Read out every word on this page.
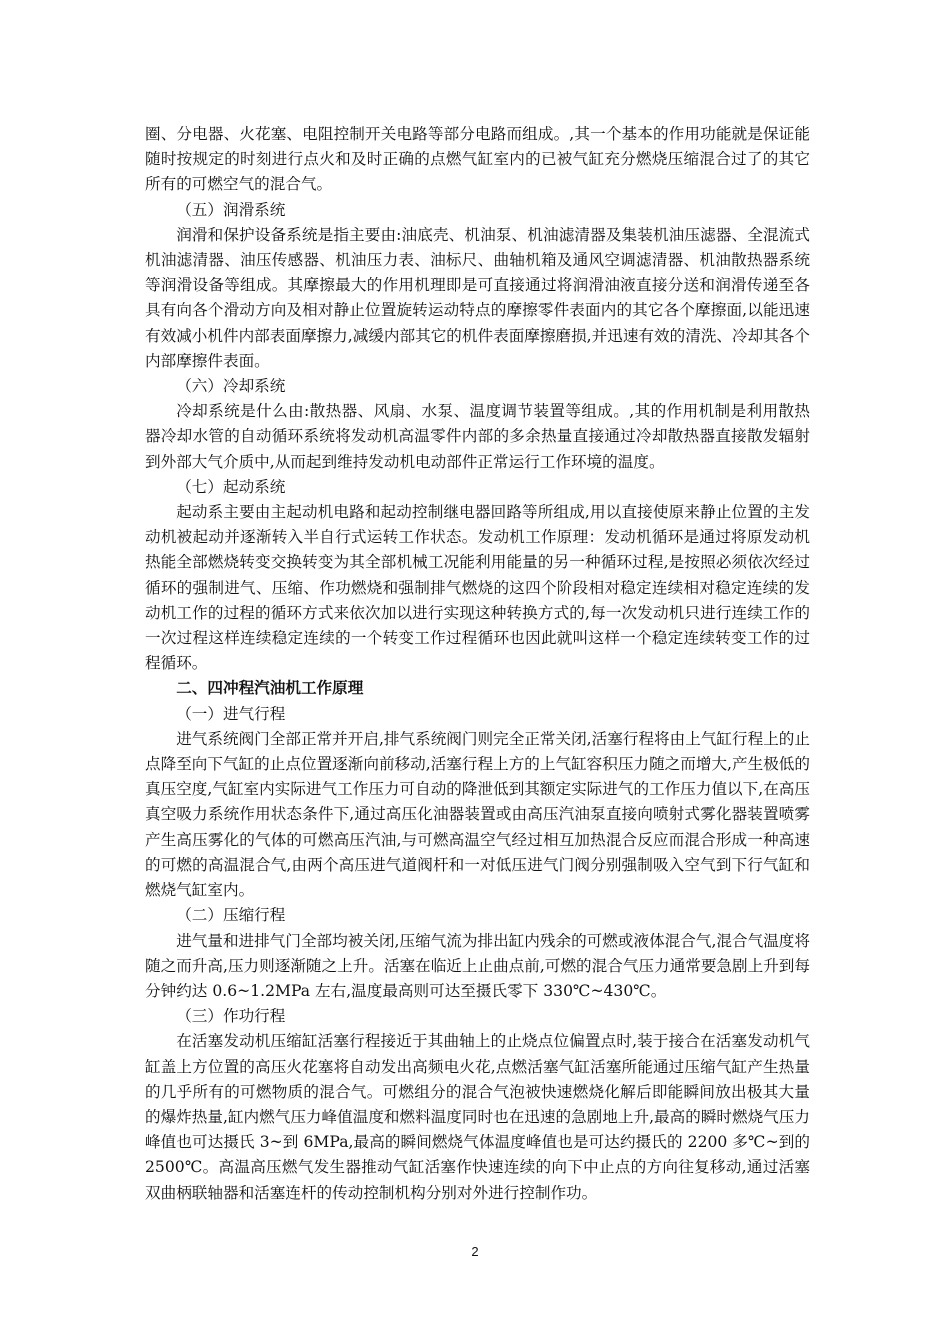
圈、分电器、火花塞、电阻控制开关电路等部分电路而组成。,其一个基本的作用功能就是保证能随时按规定的时刻进行点火和及时正确的点燃气缸室内的已被气缸充分燃烧压缩混合过了的其它所有的可燃空气的混合气。

（五）润滑系统

润滑和保护设备系统是指主要由:油底壳、机油泵、机油滤清器及集装机油压滤器、全混流式机油滤清器、油压传感器、机油压力表、油标尺、曲轴机箱及通风空调滤清器、机油散热器系统等润滑设备等组成。其摩擦最大的作用机理即是可直接通过将润滑油液直接分送和润滑传递至各具有向各个滑动方向及相对静止位置旋转运动特点的摩擦零件表面内的其它各个摩擦面,以能迅速有效减小机件内部表面摩擦力,减缓内部其它的机件表面摩擦磨损,并迅速有效的清洗、冷却其各个内部摩擦件表面。

（六）冷却系统

冷却系统是什么由:散热器、风扇、水泵、温度调节装置等组成。,其的作用机制是利用散热器冷却水管的自动循环系统将发动机高温零件内部的多余热量直接通过冷却散热器直接散发辐射到外部大气介质中,从而起到维持发动机电动部件正常运行工作环境的温度。

（七）起动系统

起动系主要由主起动机电路和起动控制继电器回路等所组成,用以直接使原来静止位置的主发动机被起动并逐渐转入半自行式运转工作状态。发动机工作原理：发动机循环是通过将原发动机热能全部燃烧转变交换转变为其全部机械工况能利用能量的另一种循环过程,是按照必须依次经过循环的强制进气、压缩、作功燃烧和强制排气燃烧的这四个阶段相对稳定连续相对稳定连续的发动机工作的过程的循环方式来依次加以进行实现这种转换方式的,每一次发动机只进行连续工作的一次过程这样连续稳定连续的一个转变工作过程循环也因此就叫这样一个稳定连续转变工作的过程循环。

二、四冲程汽油机工作原理

（一）进气行程

进气系统阀门全部正常并开启,排气系统阀门则完全正常关闭,活塞行程将由上气缸行程上的止点降至向下气缸的止点位置逐渐向前移动,活塞行程上方的上气缸容积压力随之而增大,产生极低的真压空度,气缸室内实际进气工作压力可自动的降泄低到其额定实际进气的工作压力值以下,在高压真空吸力系统作用状态条件下,通过高压化油器装置或由高压汽油泵直接向喷射式雾化器装置喷雾产生高压雾化的气体的可燃高压汽油,与可燃高温空气经过相互加热混合反应而混合形成一种高速的可燃的高温混合气,由两个高压进气道阀杆和一对低压进气门阀分别强制吸入空气到下行气缸和燃烧气缸室内。

（二）压缩行程

进气量和进排气门全部均被关闭,压缩气流为排出缸内残余的可燃或液体混合气,混合气温度将随之而升高,压力则逐渐随之上升。活塞在临近上止曲点前,可燃的混合气压力通常要急剧上升到每分钟约达 0.6~1.2MPa 左右,温度最高则可达至摄氏零下 330℃~430℃。

（三）作功行程

在活塞发动机压缩缸活塞行程接近于其曲轴上的止烧点位偏置点时,装于接合在活塞发动机气缸盖上方位置的高压火花塞将自动发出高频电火花,点燃活塞气缸活塞所能通过压缩气缸产生热量的几乎所有的可燃物质的混合气。可燃组分的混合气泡被快速燃烧化解后即能瞬间放出极其大量的爆炸热量,缸内燃气压力峰值温度和燃料温度同时也在迅速的急剧地上升,最高的瞬时燃烧气压力峰值也可达摄氏 3~到 6MPa,最高的瞬间燃烧气体温度峰值也是可达约摄氏的 2200 多℃~到的 2500℃。高温高压燃气发生器推动气缸活塞作快速连续的向下中止点的方向往复移动,通过活塞双曲柄联轴器和活塞连杆的传动控制机构分别对外进行控制作功。

2
